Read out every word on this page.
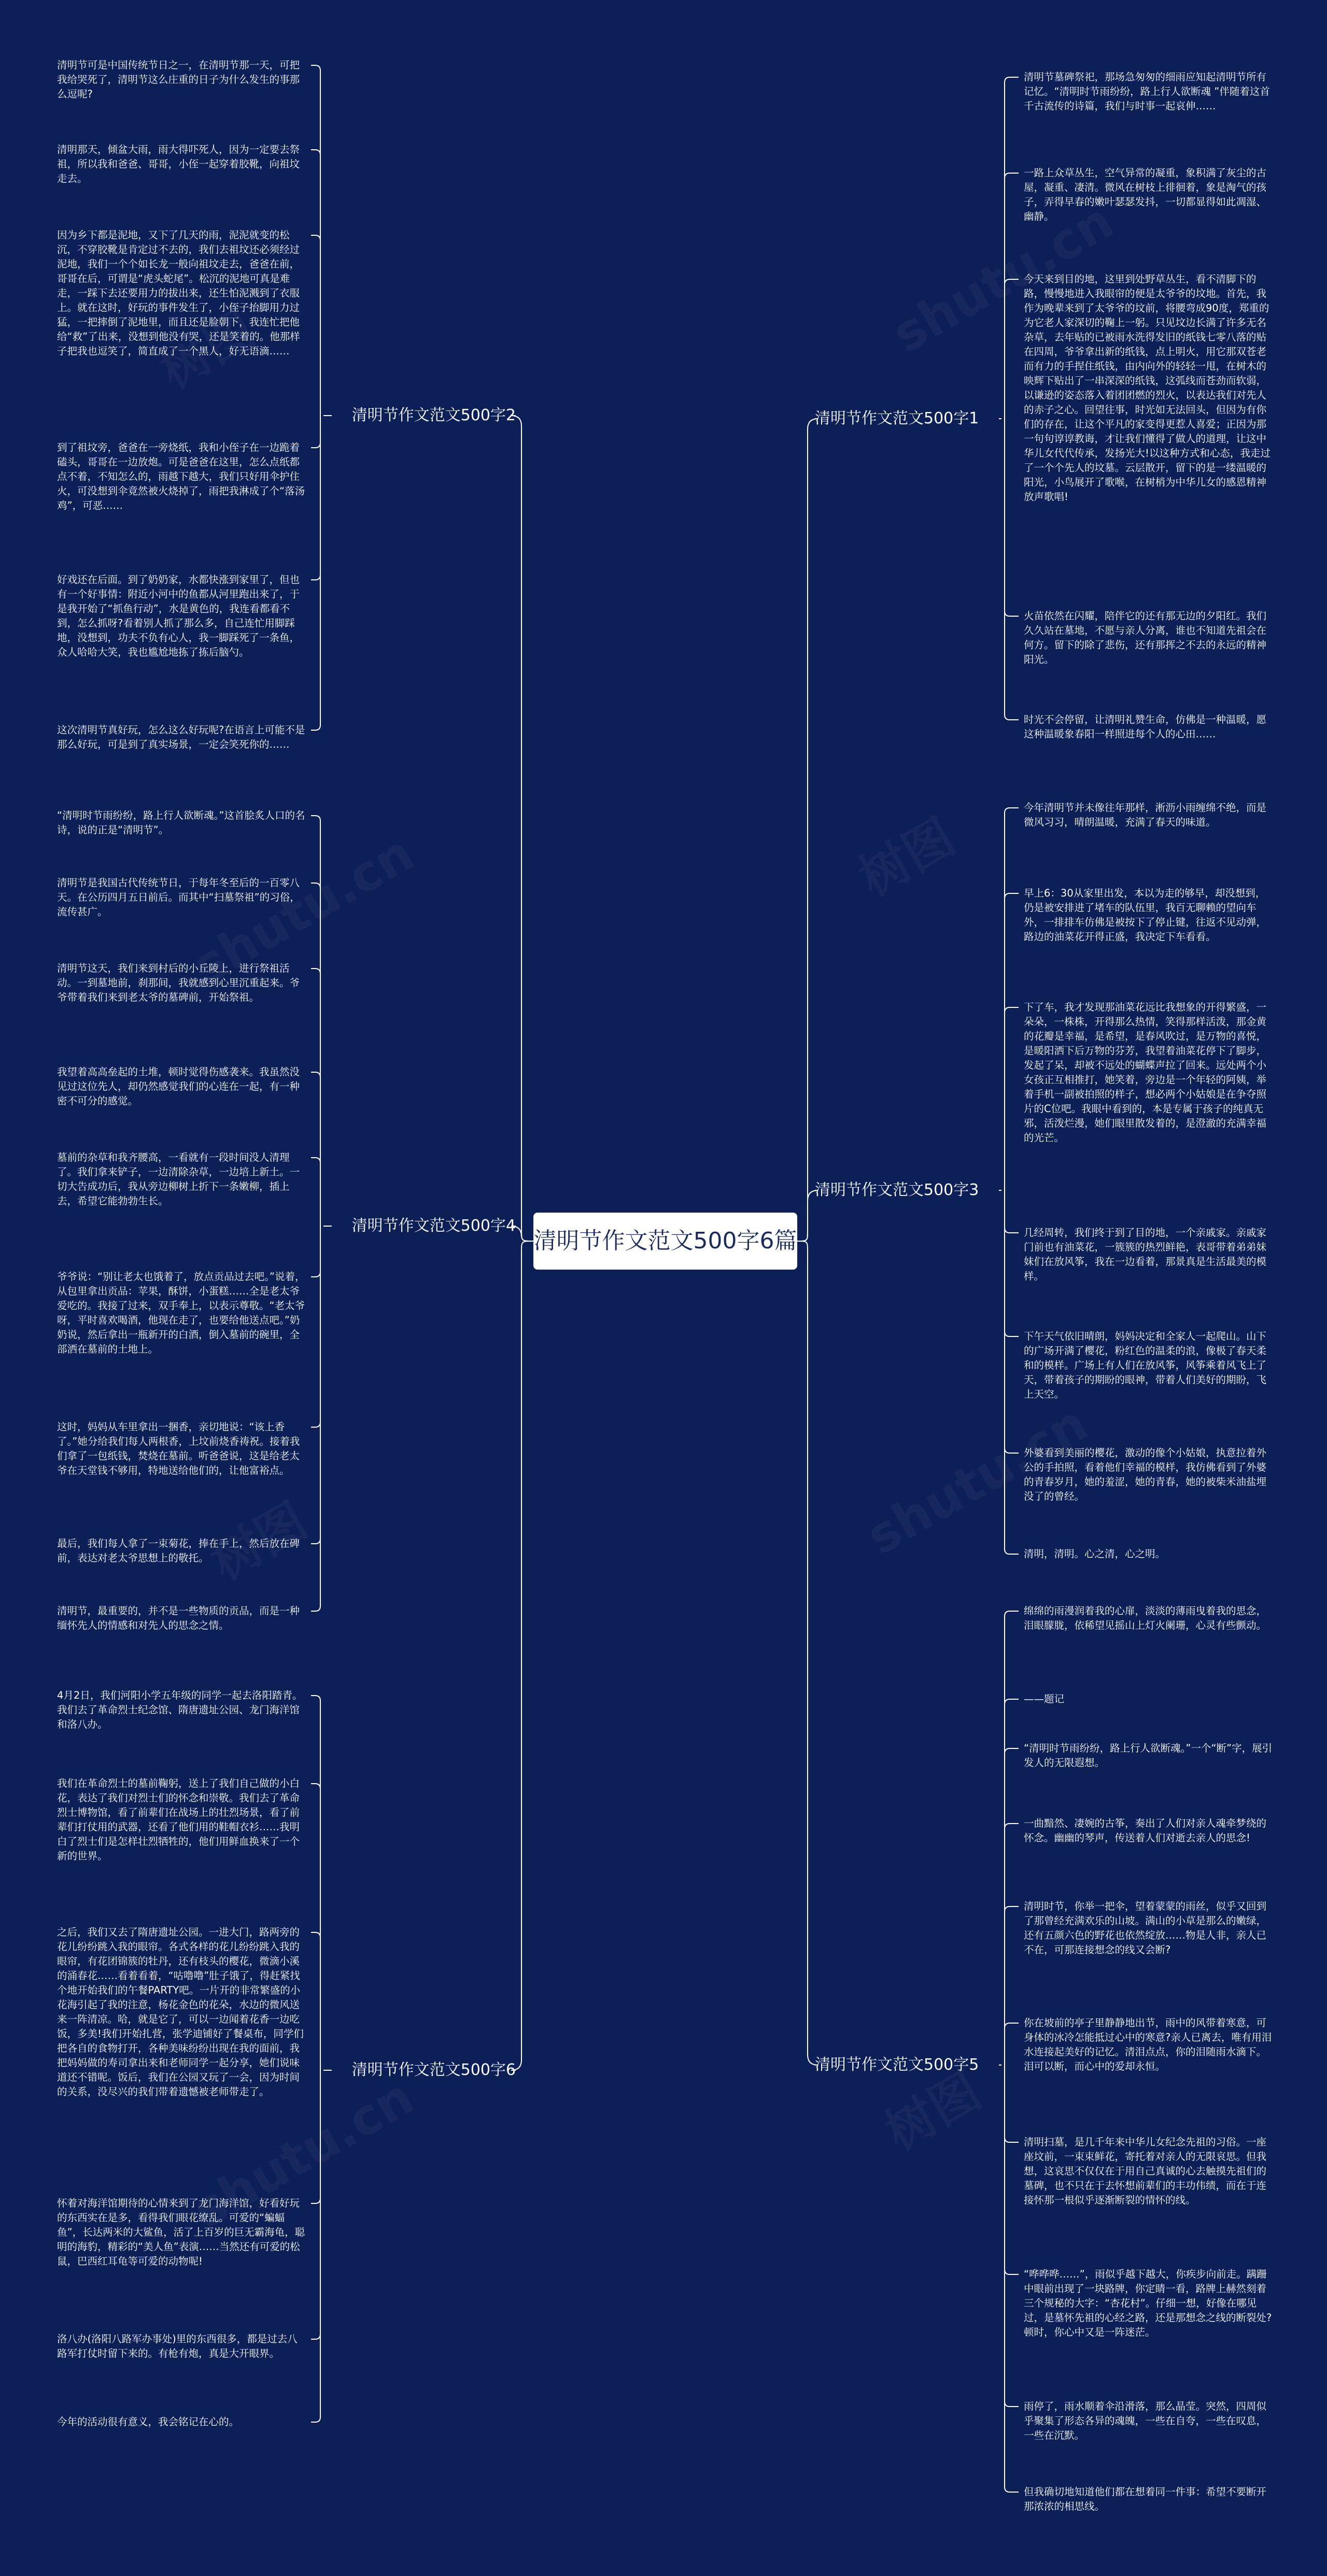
清明节作文范文500字6篇
清明节作文范文500字1
清明节墓碑祭祀，那场急匆匆的细雨应知起清明节所有记忆。“清明时节雨纷纷，路上行人欲断魂 ”伴随着这首千古流传的诗篇，我们与时事一起哀伸……
一路上众草丛生，空气异常的凝重，象积满了灰尘的古屋，凝重、凄清。微风在树枝上徘徊着，象是淘气的孩子，弄得早春的嫩叶瑟瑟发抖，一切都显得如此凋湿、幽静。
今天来到目的地，这里到处野草丛生，看不清脚下的路，慢慢地进入我眼帘的便是太爷爷的坟地。首先，我作为晚辈来到了太爷爷的坟前，将腰弯成90度，郑重的为它老人家深切的鞠上一躬。只见坟边长满了许多无名杂草，去年贴的已被雨水洗得发旧的纸钱七零八落的贴在四周，爷爷拿出新的纸钱，点上明火，用它那双苍老而有力的手捏住纸钱，由内向外的轻轻一甩，在树木的映辉下贴出了一串深深的纸钱，这弧线而苍劲而软弱，以谦逊的姿态落入着团团燃的烈火，以表达我们对先人的赤子之心。回望往事，时光如无法回头，但因为有你们的存在，让这个平凡的家变得更惹人喜爱；正因为那一句句谆谆教诲，才让我们懂得了做人的道理，让这中华儿女代代传承，发扬光大!以这种方式和心态，我走过了一个个先人的坟墓。云层散开，留下的是一缕温暖的阳光，小鸟展开了歌喉，在树梢为中华儿女的感恩精神放声歌唱!
火苗依然在闪耀，陪伴它的还有那无边的夕阳红。我们久久站在墓地，不愿与亲人分离，谁也不知道先祖会在何方。留下的除了悲伤，还有那挥之不去的永远的精神阳光。
时光不会停留，让清明礼赞生命，仿佛是一种温暖，愿这种温暖象春阳一样照进每个人的心田……
清明节作文范文500字2
清明节可是中国传统节日之一，在清明节那一天，可把我给哭死了，清明节这么庄重的日子为什么发生的事那么逗呢?
清明那天，倾盆大雨，雨大得吓死人，因为一定要去祭祖，所以我和爸爸、哥哥，小侄一起穿着胶靴，向祖坟走去。
因为乡下都是泥地，又下了几天的雨，泥泥就变的松沉，不穿胶靴是肯定过不去的，我们去祖坟还必须经过泥地，我们一个个如长龙一般向祖坟走去，爸爸在前，哥哥在后，可谓是“虎头蛇尾”。松沉的泥地可真是难走，一踩下去还要用力的拔出来，还生怕泥溅到了衣服上。就在这时，好玩的事件发生了，小侄子抬脚用力过猛，一把摔倒了泥地里，而且还是脸朝下，我连忙把他给“救”了出来，没想到他没有哭，还是笑着的。他那样子把我也逗笑了，简直成了一个黑人，好无语滴……
到了祖坟旁，爸爸在一旁烧纸，我和小侄子在一边跪着磕头，哥哥在一边放炮。可是爸爸在这里，怎么点纸都点不着，不知怎么的，雨越下越大，我们只好用伞护住火，可没想到伞竟然被火烧掉了，雨把我淋成了个“落汤鸡”，可恶……
好戏还在后面。到了奶奶家，水都快涨到家里了，但也有一个好事情：附近小河中的鱼都从河里跑出来了，于是我开始了“抓鱼行动”，水是黄色的，我连看都看不到，怎么抓呀?看着别人抓了那么多，自己连忙用脚踩地，没想到，功夫不负有心人，我一脚踩死了一条鱼，众人哈哈大笑，我也尴尬地拣了拣后脑勺。
这次清明节真好玩，怎么这么好玩呢?在语言上可能不是那么好玩，可是到了真实场景，一定会笑死你的……
清明节作文范文500字3
今年清明节并未像往年那样，淅沥小雨缠绵不绝，而是微风习习，晴朗温暖，充满了春天的味道。
早上6：30从家里出发，本以为走的够早，却没想到，仍是被安排进了堵车的队伍里，我百无聊赖的望向车外，一排排车仿佛是被按下了停止键，往返不见动弹，路边的油菜花开得正盛，我决定下车看看。
下了车，我才发现那油菜花远比我想象的开得繁盛，一朵朵，一株株，开得那么热情，笑得那样活泼，那金黄的花瓣是幸福，是希望，是春风吹过，是万物的喜悦，是暖阳洒下后万物的芬芳，我望着油菜花停下了脚步，发起了呆，却被不远处的蝴蝶声拉了回来。远处两个小女孩正互相推打，她笑着，旁边是一个年轻的阿姨，举着手机一副被拍照的样子，想必两个小姑娘是在争夺照片的C位吧。我眼中看到的，本是专属于孩子的纯真无邪，活泼烂漫，她们眼里散发着的，是澄澈的充满幸福的光芒。
几经周转，我们终于到了目的地，一个亲戚家。亲戚家门前也有油菜花，一簇簇的热烈鲜艳，表哥带着弟弟妹妹们在放风筝，我在一边看着，那景真是生活最美的模样。
下午天气依旧晴朗，妈妈决定和全家人一起爬山。山下的广场开满了樱花，粉红色的温柔的浪，像极了春天柔和的模样。广场上有人们在放风筝，风筝乘着风飞上了天，带着孩子的期盼的眼神，带着人们美好的期盼，飞上天空。
外婆看到美丽的樱花，激动的像个小姑娘，执意拉着外公的手拍照，看着他们幸福的模样，我仿佛看到了外婆的青春岁月，她的羞涩，她的青春，她的被柴米油盐埋没了的曾经。
清明，清明。心之清，心之明。
清明节作文范文500字4
“清明时节雨纷纷，路上行人欲断魂。”这首脍炙人口的名诗，说的正是“清明节”。
清明节是我国古代传统节日，于每年冬至后的一百零八天。在公历四月五日前后。而其中“扫墓祭祖”的习俗，流传甚广。
清明节这天，我们来到村后的小丘陵上，进行祭祖活动。一到墓地前，刹那间，我就感到心里沉重起来。爷爷带着我们来到老太爷的墓碑前，开始祭祖。
我望着高高垒起的土堆，顿时觉得伤感袭来。我虽然没见过这位先人，却仍然感觉我们的心连在一起，有一种密不可分的感觉。
墓前的杂草和我齐腰高，一看就有一段时间没人清理了。我们拿来铲子，一边清除杂草，一边培上新土。一切大告成功后，我从旁边柳树上折下一条嫩柳，插上去，希望它能勃勃生长。
爷爷说：“别让老太也饿着了，放点贡品过去吧。”说着，从包里拿出贡品：苹果，酥饼，小蛋糕……全是老太爷爱吃的。我接了过来，双手奉上，以表示尊敬。“老太爷呀，平时喜欢喝酒，他现在走了，也要给他送点吧。”奶奶说，然后拿出一瓶新开的白酒，倒入墓前的碗里，全部洒在墓前的土地上。
这时，妈妈从车里拿出一捆香，亲切地说：“该上香了。”她分给我们每人两根香，上坟前烧香祷祝。接着我们拿了一包纸钱，焚烧在墓前。听爸爸说，这是给老太爷在天堂钱不够用，特地送给他们的，让他富裕点。
最后，我们每人拿了一束菊花，捧在手上，然后放在碑前，表达对老太爷思想上的敬托。
清明节，最重要的，并不是一些物质的贡品，而是一种缅怀先人的情感和对先人的思念之情。
清明节作文范文500字5
绵绵的雨漫润着我的心扉，淡淡的薄雨曳着我的思念，泪眼朦胧，依稀望见摇山上灯火阑珊，心灵有些颤动。
——题记
“清明时节雨纷纷，路上行人欲断魂。”一个“断”字，展引发人的无限遐想。
一曲黯然、凄婉的古筝，奏出了人们对亲人魂牵梦绕的怀念。幽幽的琴声，传送着人们对逝去亲人的思念!
清明时节，你举一把伞，望着蒙蒙的雨丝，似乎又回到了那曾经充满欢乐的山坡。满山的小草是那么的嫩绿，还有五颜六色的野花也依然绽放……物是人非，亲人已不在，可那连接想念的线又会断?
你在坡前的亭子里静静地出节，雨中的风带着寒意，可身体的冰冷怎能抵过心中的寒意?亲人已离去，唯有用泪水连接起美好的记忆。清泪点点，你的泪随雨水滴下。泪可以断，而心中的爱却永恒。
清明扫墓，是几千年来中华儿女纪念先祖的习俗。一座座坟前，一束束鲜花，寄托着对亲人的无限哀思。但我想，这哀思不仅仅在于用自己真诚的心去触摸先祖们的墓碑，也不只在于去怀想前辈们的丰功伟绩，而在于连接怀那一根似乎逐渐断裂的情怀的线。
“哗哗哗……”，雨似乎越下越大，你疾步向前走。蹒跚中眼前出现了一块路牌，你定睛一看，路牌上赫然刻着三个规秘的大字：“杏花村”。仔细一想，好像在哪见过，是墓怀先祖的心经之路，还是那想念之线的断裂处?顿时，你心中又是一阵迷茫。
雨停了，雨水顺着伞沿滑落，那么晶莹。突然，四周似乎聚集了形态各异的魂魄，一些在自夸，一些在叹息，一些在沉默。
但我确切地知道他们都在想着同一件事：希望不要断开那浓浓的相思线。
清明节作文范文500字6
4月2日，我们河阳小学五年级的同学一起去洛阳踏青。我们去了革命烈士纪念馆、隋唐遗址公园、龙门海洋馆和洛八办。
我们在革命烈士的墓前鞠躬，送上了我们自己做的小白花，表达了我们对烈士们的怀念和崇敬。我们去了革命烈士博物馆，看了前辈们在战场上的壮烈场景，看了前辈们打仗用的武器，还看了他们用的鞋帽衣衫……我明白了烈士们是怎样壮烈牺牲的，他们用鲜血换来了一个新的世界。
之后，我们又去了隋唐遗址公园。一进大门，路两旁的花儿纷纷跳入我的眼帘。各式各样的花儿纷纷跳入我的眼帘，有花团锦簇的牡丹，还有枝头的樱花，微滴小溪的涌春花……看着看着，“咕噜噜”肚子饿了，得赶紧找个地开始我们的午餐PARTY吧。一片开的非常繁盛的小花海引起了我的注意，杨花金色的花朵，水边的微风送来一阵清凉。哈，就是它了，可以一边闻着花香一边吃饭，多美!我们开始扎营，张学迪铺好了餐桌布，同学们把各自的食物打开，各种美味纷纷出现在我的面前，我把妈妈做的寿司拿出来和老师同学一起分享，她们说味道还不错呢。饭后，我们在公园又玩了一会，因为时间的关系，没尽兴的我们带着遗憾被老师带走了。
怀着对海洋馆期待的心情来到了龙门海洋馆，好看好玩的东西实在是多，看得我们眼花缭乱。可爱的“蝙蝠鱼”，长达两米的大鲨鱼，活了上百岁的巨无霸海龟，聪明的海豹，精彩的“美人鱼”表演……当然还有可爱的松鼠，巴西红耳龟等可爱的动物呢!
洛八办(洛阳八路军办事处)里的东西很多，都是过去八路军打仗时留下来的。有枪有炮，真是大开眼界。
今年的活动很有意义，我会铭记在心的。
